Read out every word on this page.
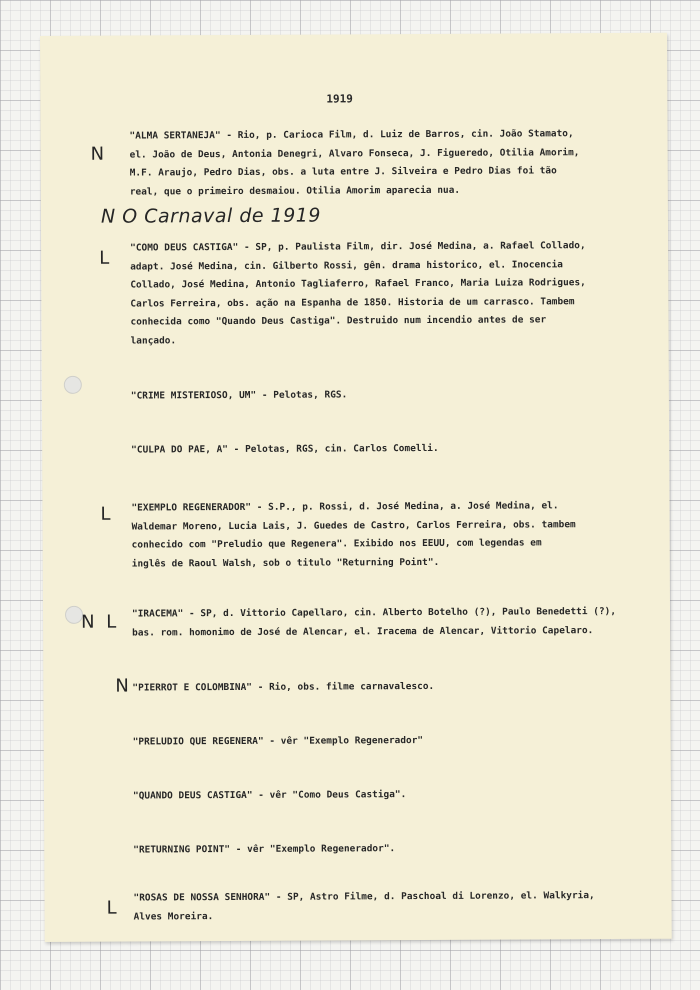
1919
N
N O Carnaval de 1919
L
L
N L
N
L

"ALMA SERTANEJA" - Rio, p. Carioca Film, d. Luiz de Barros, cin. João Stamato,

el. João de Deus, Antonia Denegri, Alvaro Fonseca, J. Figueredo, Otilia Amorim,

M.F. Araujo, Pedro Dias, obs. a luta entre J. Silveira e Pedro Dias foi tão

real, que o primeiro desmaiou. Otilia Amorim aparecia nua.

"COMO DEUS CASTIGA" - SP, p. Paulista Film, dir. José Medina, a. Rafael Collado,

adapt. José Medina, cin. Gilberto Rossi, gên. drama historico, el. Inocencia

Collado, José Medina, Antonio Tagliaferro, Rafael Franco, Maria Luiza Rodrigues,

Carlos Ferreira, obs. ação na Espanha de 1850. Historia de um carrasco. Tambem

conhecida como "Quando Deus Castiga". Destruido num incendio antes de ser

lançado.

"CRIME MISTERIOSO, UM" - Pelotas, RGS.

"CULPA DO PAE, A" - Pelotas, RGS, cin. Carlos Comelli.

"EXEMPLO REGENERADOR" - S.P., p. Rossi, d. José Medina, a. José Medina, el.

Waldemar Moreno, Lucia Lais, J. Guedes de Castro, Carlos Ferreira, obs. tambem

conhecido com "Preludio que Regenera". Exibido nos EEUU, com legendas em

inglês de Raoul Walsh, sob o titulo "Returning Point".

"IRACEMA" - SP, d. Vittorio Capellaro, cin. Alberto Botelho (?), Paulo Benedetti (?),

bas. rom. homonimo de José de Alencar, el. Iracema de Alencar, Vittorio Capelaro.

"PIERROT E COLOMBINA" - Rio, obs. filme carnavalesco.

"PRELUDIO QUE REGENERA" - vêr "Exemplo Regenerador"

"QUANDO DEUS CASTIGA" - vêr "Como Deus Castiga".

"RETURNING POINT" - vêr "Exemplo Regenerador".

"ROSAS DE NOSSA SENHORA" - SP, Astro Filme, d. Paschoal di Lorenzo, el. Walkyria,

Alves Moreira.
